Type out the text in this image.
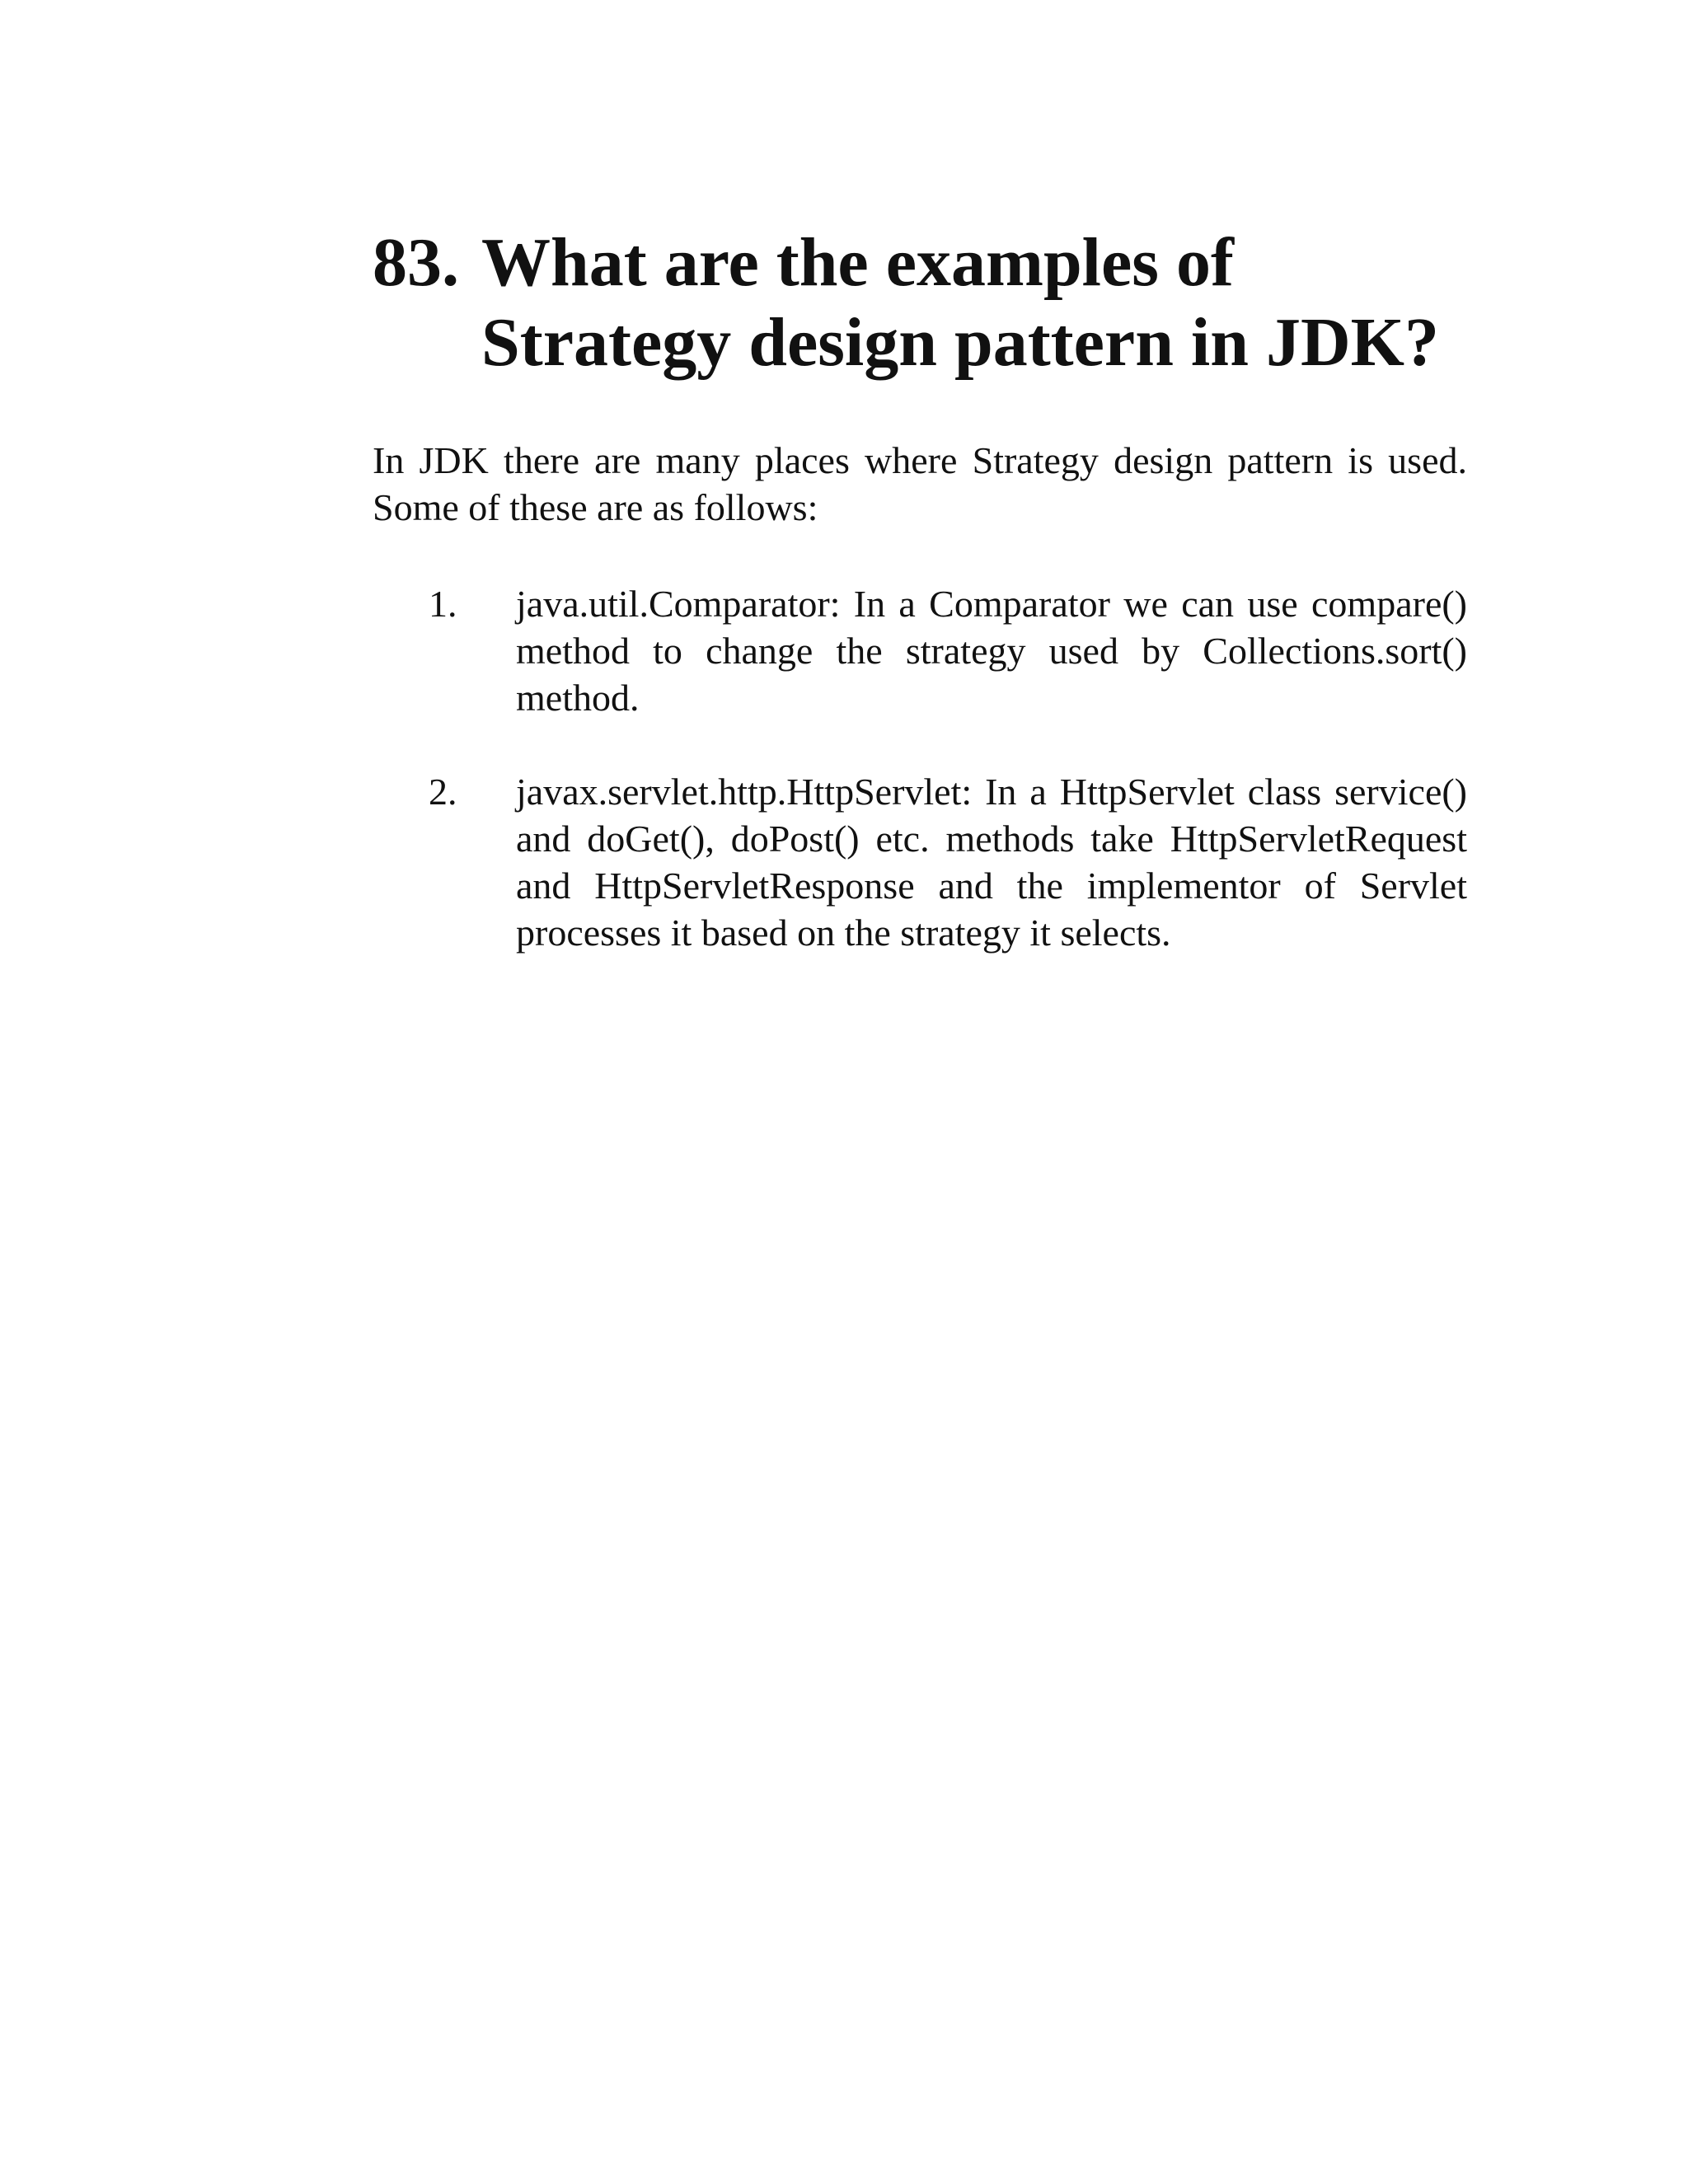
83. What are the examples of Strategy design pattern in JDK?

In JDK there are many places where Strategy design pattern is used. Some of these are as follows:

1.	java.util.Comparator: In a Comparator we can use compare() method to change the strategy used by Collections.sort() method.
2.	javax.servlet.http.HttpServlet: In a HttpServlet class service() and doGet(), doPost() etc. methods take HttpServletRequest and HttpServletResponse and the implementor of Servlet processes it based on the strategy it selects.
